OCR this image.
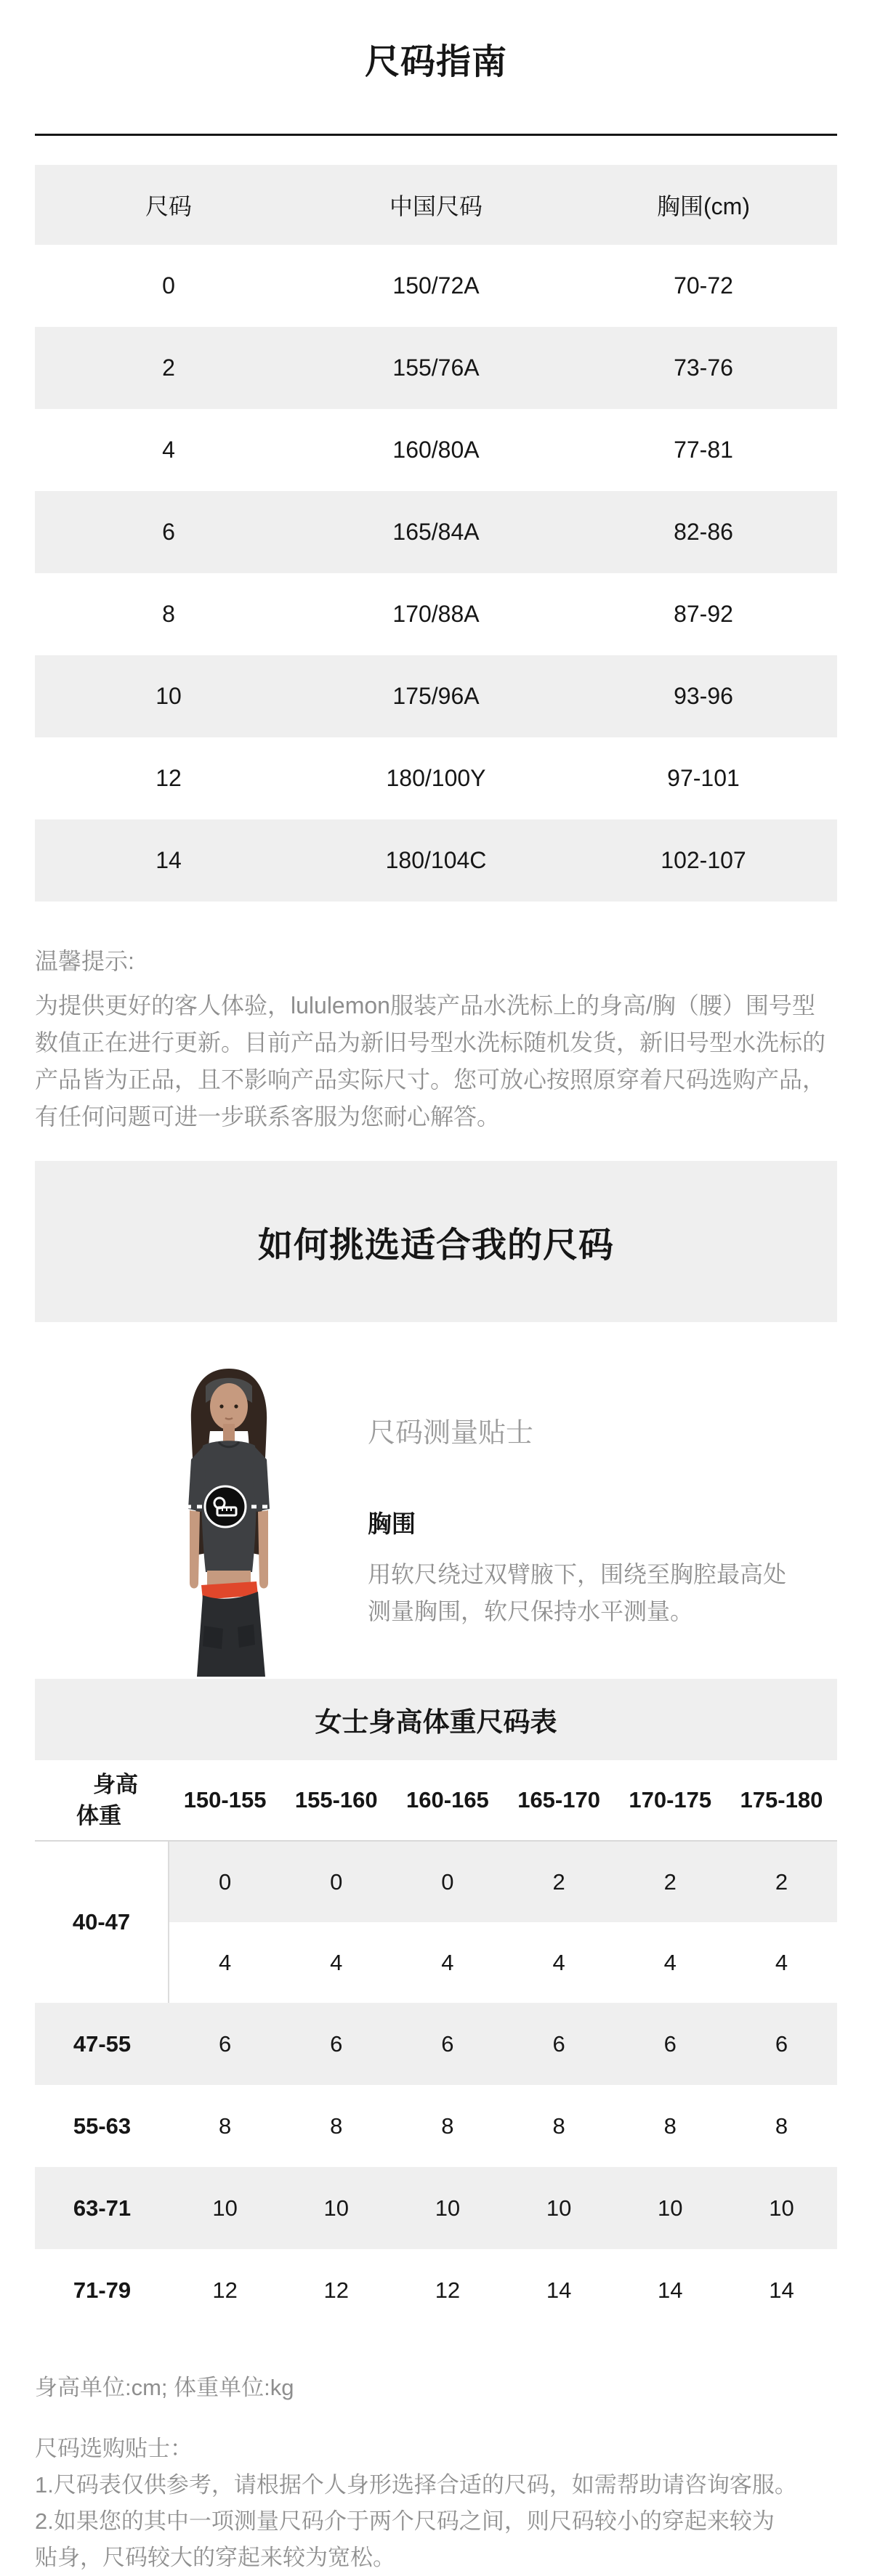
尺码指南
尺码	中国尺码	胸围(cm)
0	150/72A	70-72
2	155/76A	73-76
4	160/80A	77-81
6	165/84A	82-86
8	170/88A	87-92
10	175/96A	93-96
12	180/100Y	97-101
14	180/104C	102-107
温馨提示:
为提供更好的客人体验，lululemon服装产品水洗标上的身高/胸（腰）围号型数值正在进行更新。目前产品为新旧号型水洗标随机发货，新旧号型水洗标的产品皆为正品，且不影响产品实际尺寸。您可放心按照原穿着尺码选购产品，有任何问题可进一步联系客服为您耐心解答。
如何挑选适合我的尺码
尺码测量贴士
胸围
用软尺绕过双臂腋下，围绕至胸腔最高处测量胸围，软尺保持水平测量。
女士身高体重尺码表
身高
体重
150-155	155-160	160-165	165-170	170-175	175-180
40-47
0	0	0	2	2	2
4	4	4	4	4	4
47-55	6	6	6	6	6	6
55-63	8	8	8	8	8	8
63-71	10	10	10	10	10	10
71-79	12	12	12	14	14	14
身高单位:cm; 体重单位:kg
尺码选购贴士：
1.尺码表仅供参考，请根据个人身形选择合适的尺码，如需帮助请咨询客服。
2.如果您的其中一项测量尺码介于两个尺码之间，则尺码较小的穿起来较为贴身，尺码较大的穿起来较为宽松。
